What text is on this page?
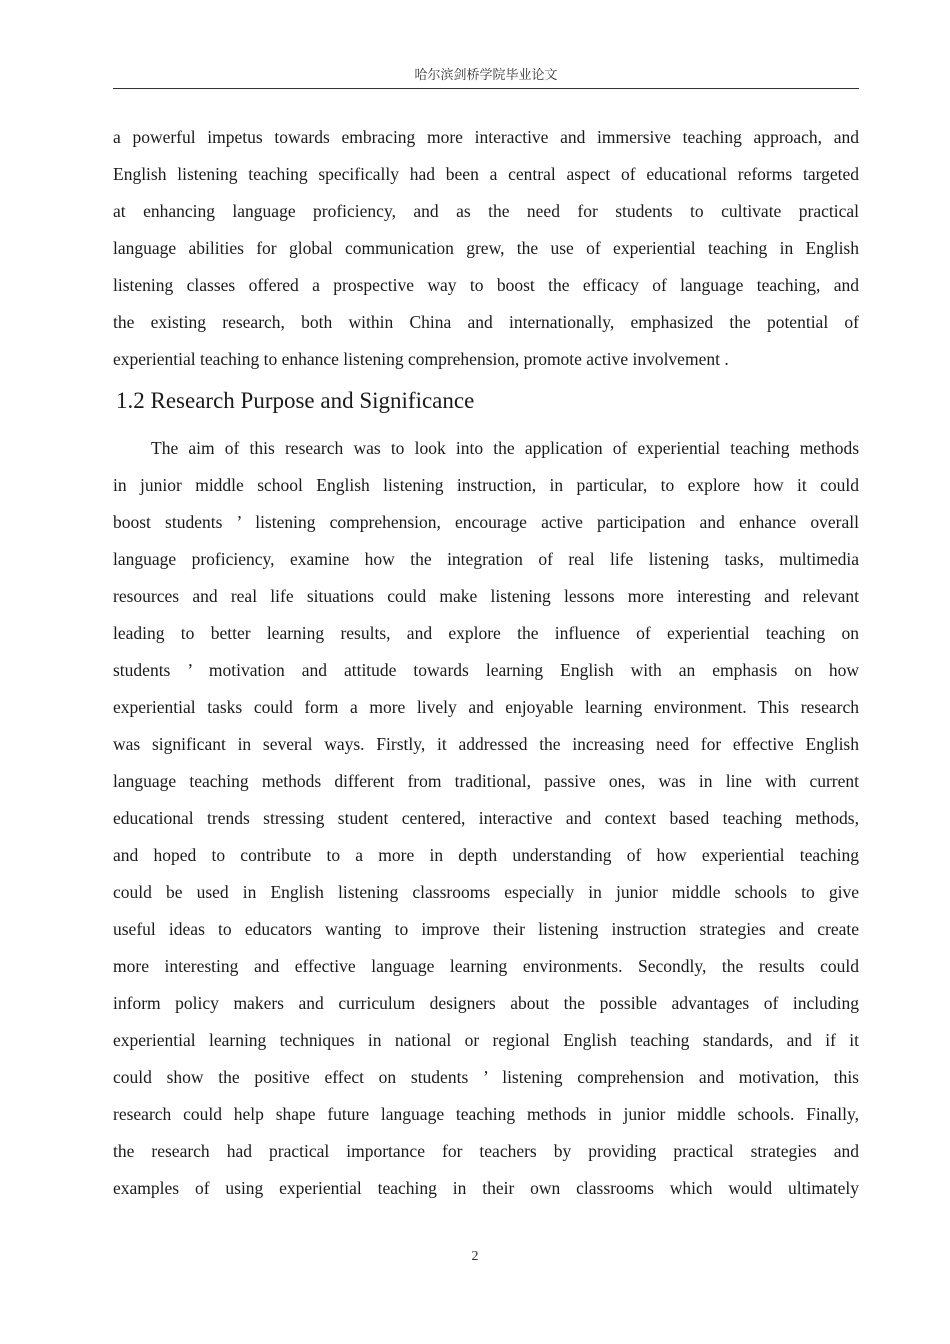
哈尔滨剑桥学院毕业论文
a powerful impetus towards embracing more interactive and immersive teaching approach, and
English listening teaching specifically had been a central aspect of educational reforms targeted
at enhancing language proficiency, and as the need for students to cultivate practical
language abilities for global communication grew, the use of experiential teaching in English
listening classes offered a prospective way to boost the efficacy of language teaching, and
the existing research, both within China and internationally, emphasized the potential of
experiential teaching to enhance listening comprehension, promote active involvement .
1.2 Research Purpose and Significance
The aim of this research was to look into the application of experiential teaching methods
in junior middle school English listening instruction, in particular, to explore how it could
boost students ’ listening comprehension, encourage active participation and enhance overall
language proficiency, examine how the integration of real life listening tasks, multimedia
resources and real life situations could make listening lessons more interesting and relevant
leading to better learning results, and explore the influence of experiential teaching on
students ’ motivation and attitude towards learning English with an emphasis on how
experiential tasks could form a more lively and enjoyable learning environment. This research
was significant in several ways. Firstly, it addressed the increasing need for effective English
language teaching methods different from traditional, passive ones, was in line with current
educational trends stressing student centered, interactive and context based teaching methods,
and hoped to contribute to a more in depth understanding of how experiential teaching
could be used in English listening classrooms especially in junior middle schools to give
useful ideas to educators wanting to improve their listening instruction strategies and create
more interesting and effective language learning environments. Secondly, the results could
inform policy makers and curriculum designers about the possible advantages of including
experiential learning techniques in national or regional English teaching standards, and if it
could show the positive effect on students ’ listening comprehension and motivation, this
research could help shape future language teaching methods in junior middle schools. Finally,
the research had practical importance for teachers by providing practical strategies and
examples of using experiential teaching in their own classrooms which would ultimately
2
